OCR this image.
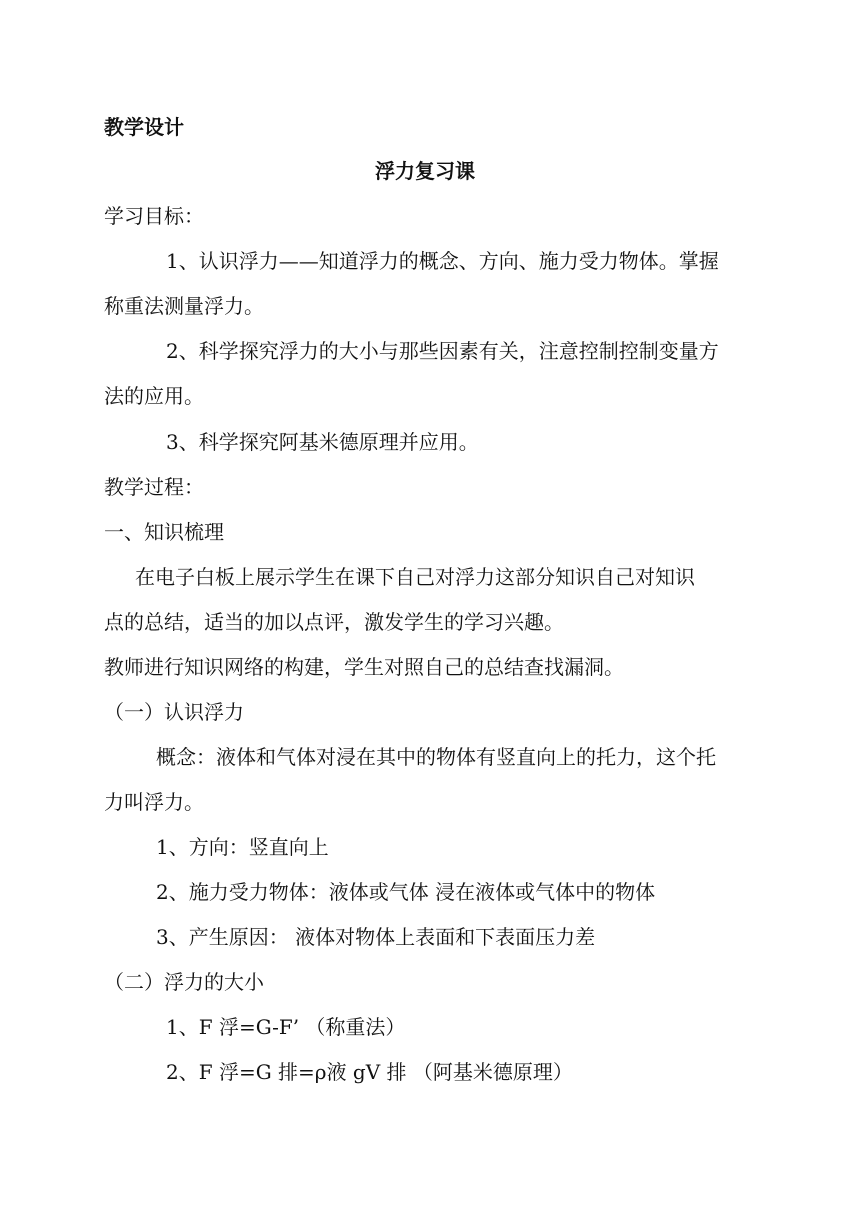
教学设计
浮力复习课
学习目标：
1、认识浮力——知道浮力的概念、方向、施力受力物体。掌握
称重法测量浮力。
2、科学探究浮力的大小与那些因素有关，注意控制控制变量方
法的应用。
3、科学探究阿基米德原理并应用。
教学过程：
一、知识梳理
在电子白板上展示学生在课下自己对浮力这部分知识自己对知识
点的总结，适当的加以点评，激发学生的学习兴趣。
教师进行知识网络的构建，学生对照自己的总结查找漏洞。
（一）认识浮力
概念：液体和气体对浸在其中的物体有竖直向上的托力，这个托
力叫浮力。
1、方向：竖直向上
2、施力受力物体：液体或气体 浸在液体或气体中的物体
3、产生原因： 液体对物体上表面和下表面压力差
（二）浮力的大小
1、F 浮=G-F’ （称重法）
2、F 浮=G 排=ρ液 gV 排 （阿基米德原理）
